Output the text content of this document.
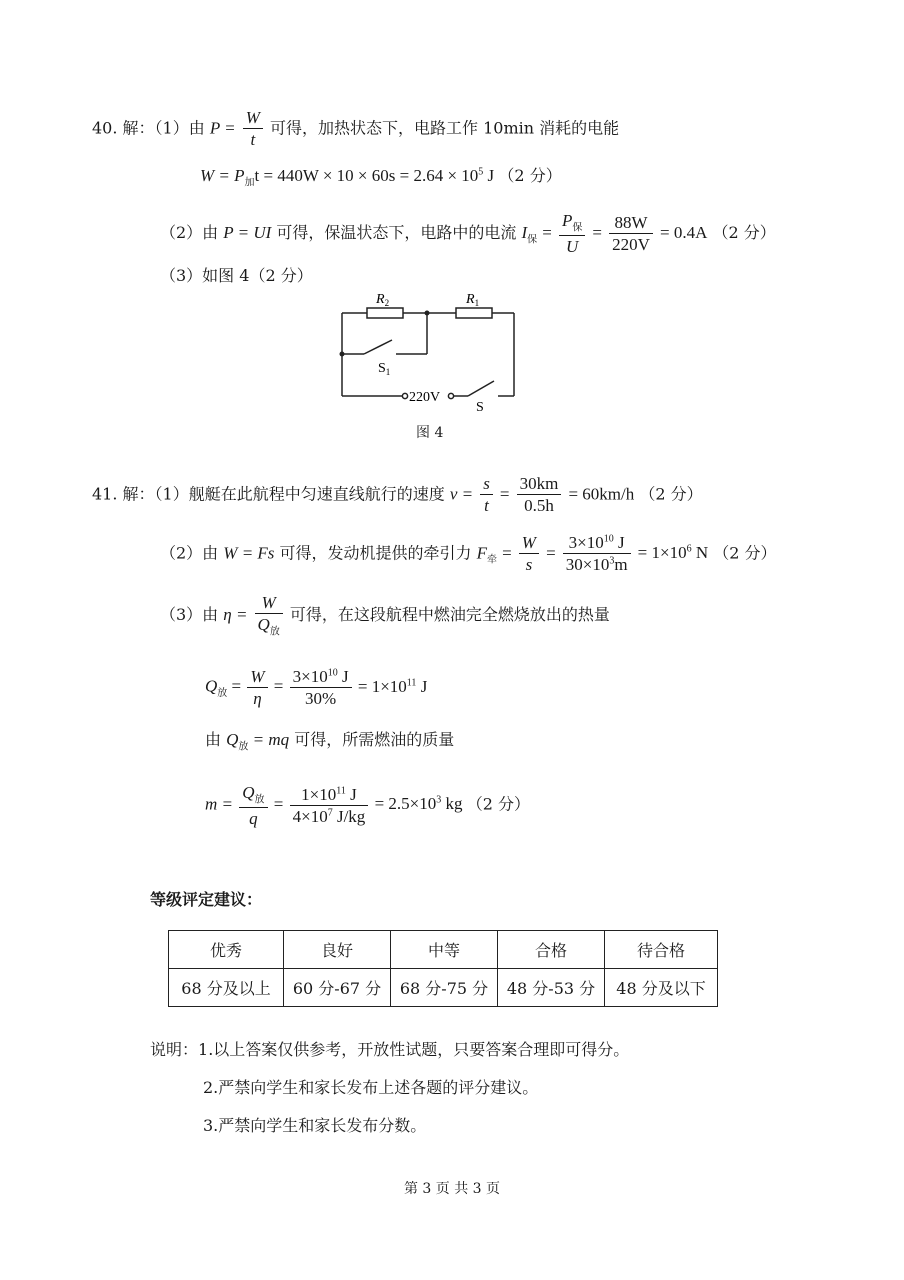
40. 解：（1）由 $P = \frac{W}{t}$ 可得，加热状态下，电路工作 10min 消耗的电能
$W = P_加t = 440W \times 10 \times 60s = 2.64 \times 10^5$ J （2 分）
（2）由 P = UI 可得，保温状态下，电路中的电流 $I_保 = \frac{P_保}{U} = \frac{88W}{220V} = 0.4A$ （2 分）
（3）如图 4（2 分）
$R_2$	$R_1$
$S_1$
220V
S
图 4
41. 解：（1）舰艇在此航程中匀速直线航行的速度 $v = \frac{s}{t} = \frac{30km}{0.5h} = 60km/h$ （2 分）
（2）由 W = Fs 可得，发动机提供的牵引力 $F_牵 = \frac{W}{s} = \frac{3\times 10^{10} J}{30\times 10^3m} = 1\times 10^6$ N （2 分）
（3）由 $\eta = \frac{W}{Q_放}$ 可得，在这段航程中燃油完全燃烧放出的热量
$Q_放 = \frac{W}{\eta} = \frac{3\times 10^{10} J}{30\%} = 1\times 10^{11}$ J
由 $Q_放$ = mq 可得，所需燃油的质量
$m = \frac{Q_放}{q} = \frac{1\times 10^{11} J}{4\times 10^7 J/kg} = 2.5\times 10^3$ kg （2 分）
等级评定建议：
优秀	良好	中等	合格	待合格
68 分及以上	60 分-67 分	68 分-75 分	48 分-53 分	48 分及以下
说明：1.以上答案仅供参考，开放性试题，只要答案合理即可得分。
2.严禁向学生和家长发布上述各题的评分建议。
3.严禁向学生和家长发布分数。
第 3 页 共 3 页
